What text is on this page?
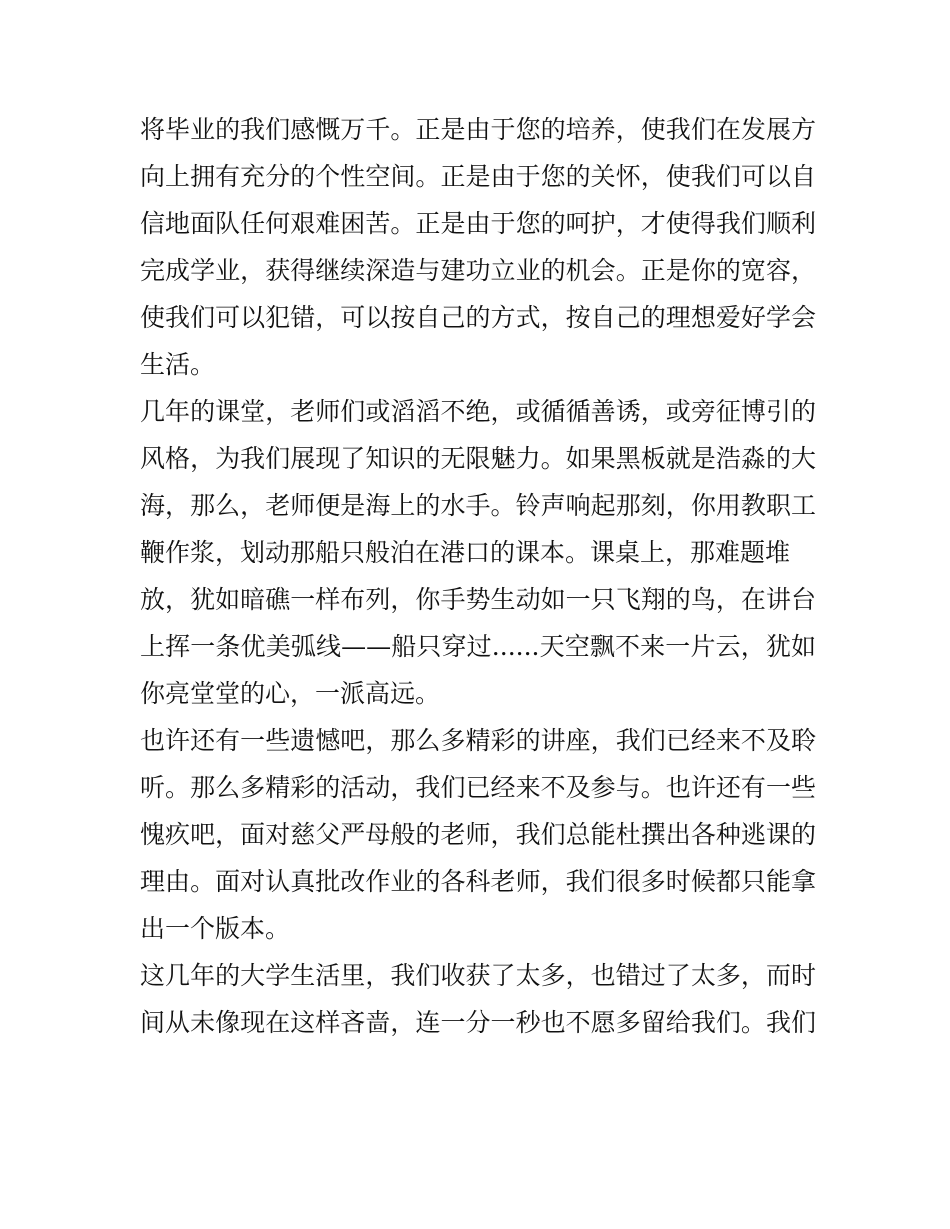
将毕业的我们感慨万千。正是由于您的培养，使我们在发展方
向上拥有充分的个性空间。正是由于您的关怀，使我们可以自
信地面队任何艰难困苦。正是由于您的呵护，才使得我们顺利
完成学业，获得继续深造与建功立业的机会。正是你的宽容，
使我们可以犯错，可以按自己的方式，按自己的理想爱好学会
生活。
几年的课堂，老师们或滔滔不绝，或循循善诱，或旁征博引的
风格，为我们展现了知识的无限魅力。如果黑板就是浩淼的大
海，那么，老师便是海上的水手。铃声响起那刻，你用教职工
鞭作浆，划动那船只般泊在港口的课本。课桌上，那难题堆
放，犹如暗礁一样布列，你手势生动如一只飞翔的鸟，在讲台
上挥一条优美弧线——船只穿过......天空飘不来一片云，犹如
你亮堂堂的心，一派高远。
也许还有一些遗憾吧，那么多精彩的讲座，我们已经来不及聆
听。那么多精彩的活动，我们已经来不及参与。也许还有一些
愧疚吧，面对慈父严母般的老师，我们总能杜撰出各种逃课的
理由。面对认真批改作业的各科老师，我们很多时候都只能拿
出一个版本。
这几年的大学生活里，我们收获了太多，也错过了太多，而时
间从未像现在这样吝啬，连一分一秒也不愿多留给我们。我们
